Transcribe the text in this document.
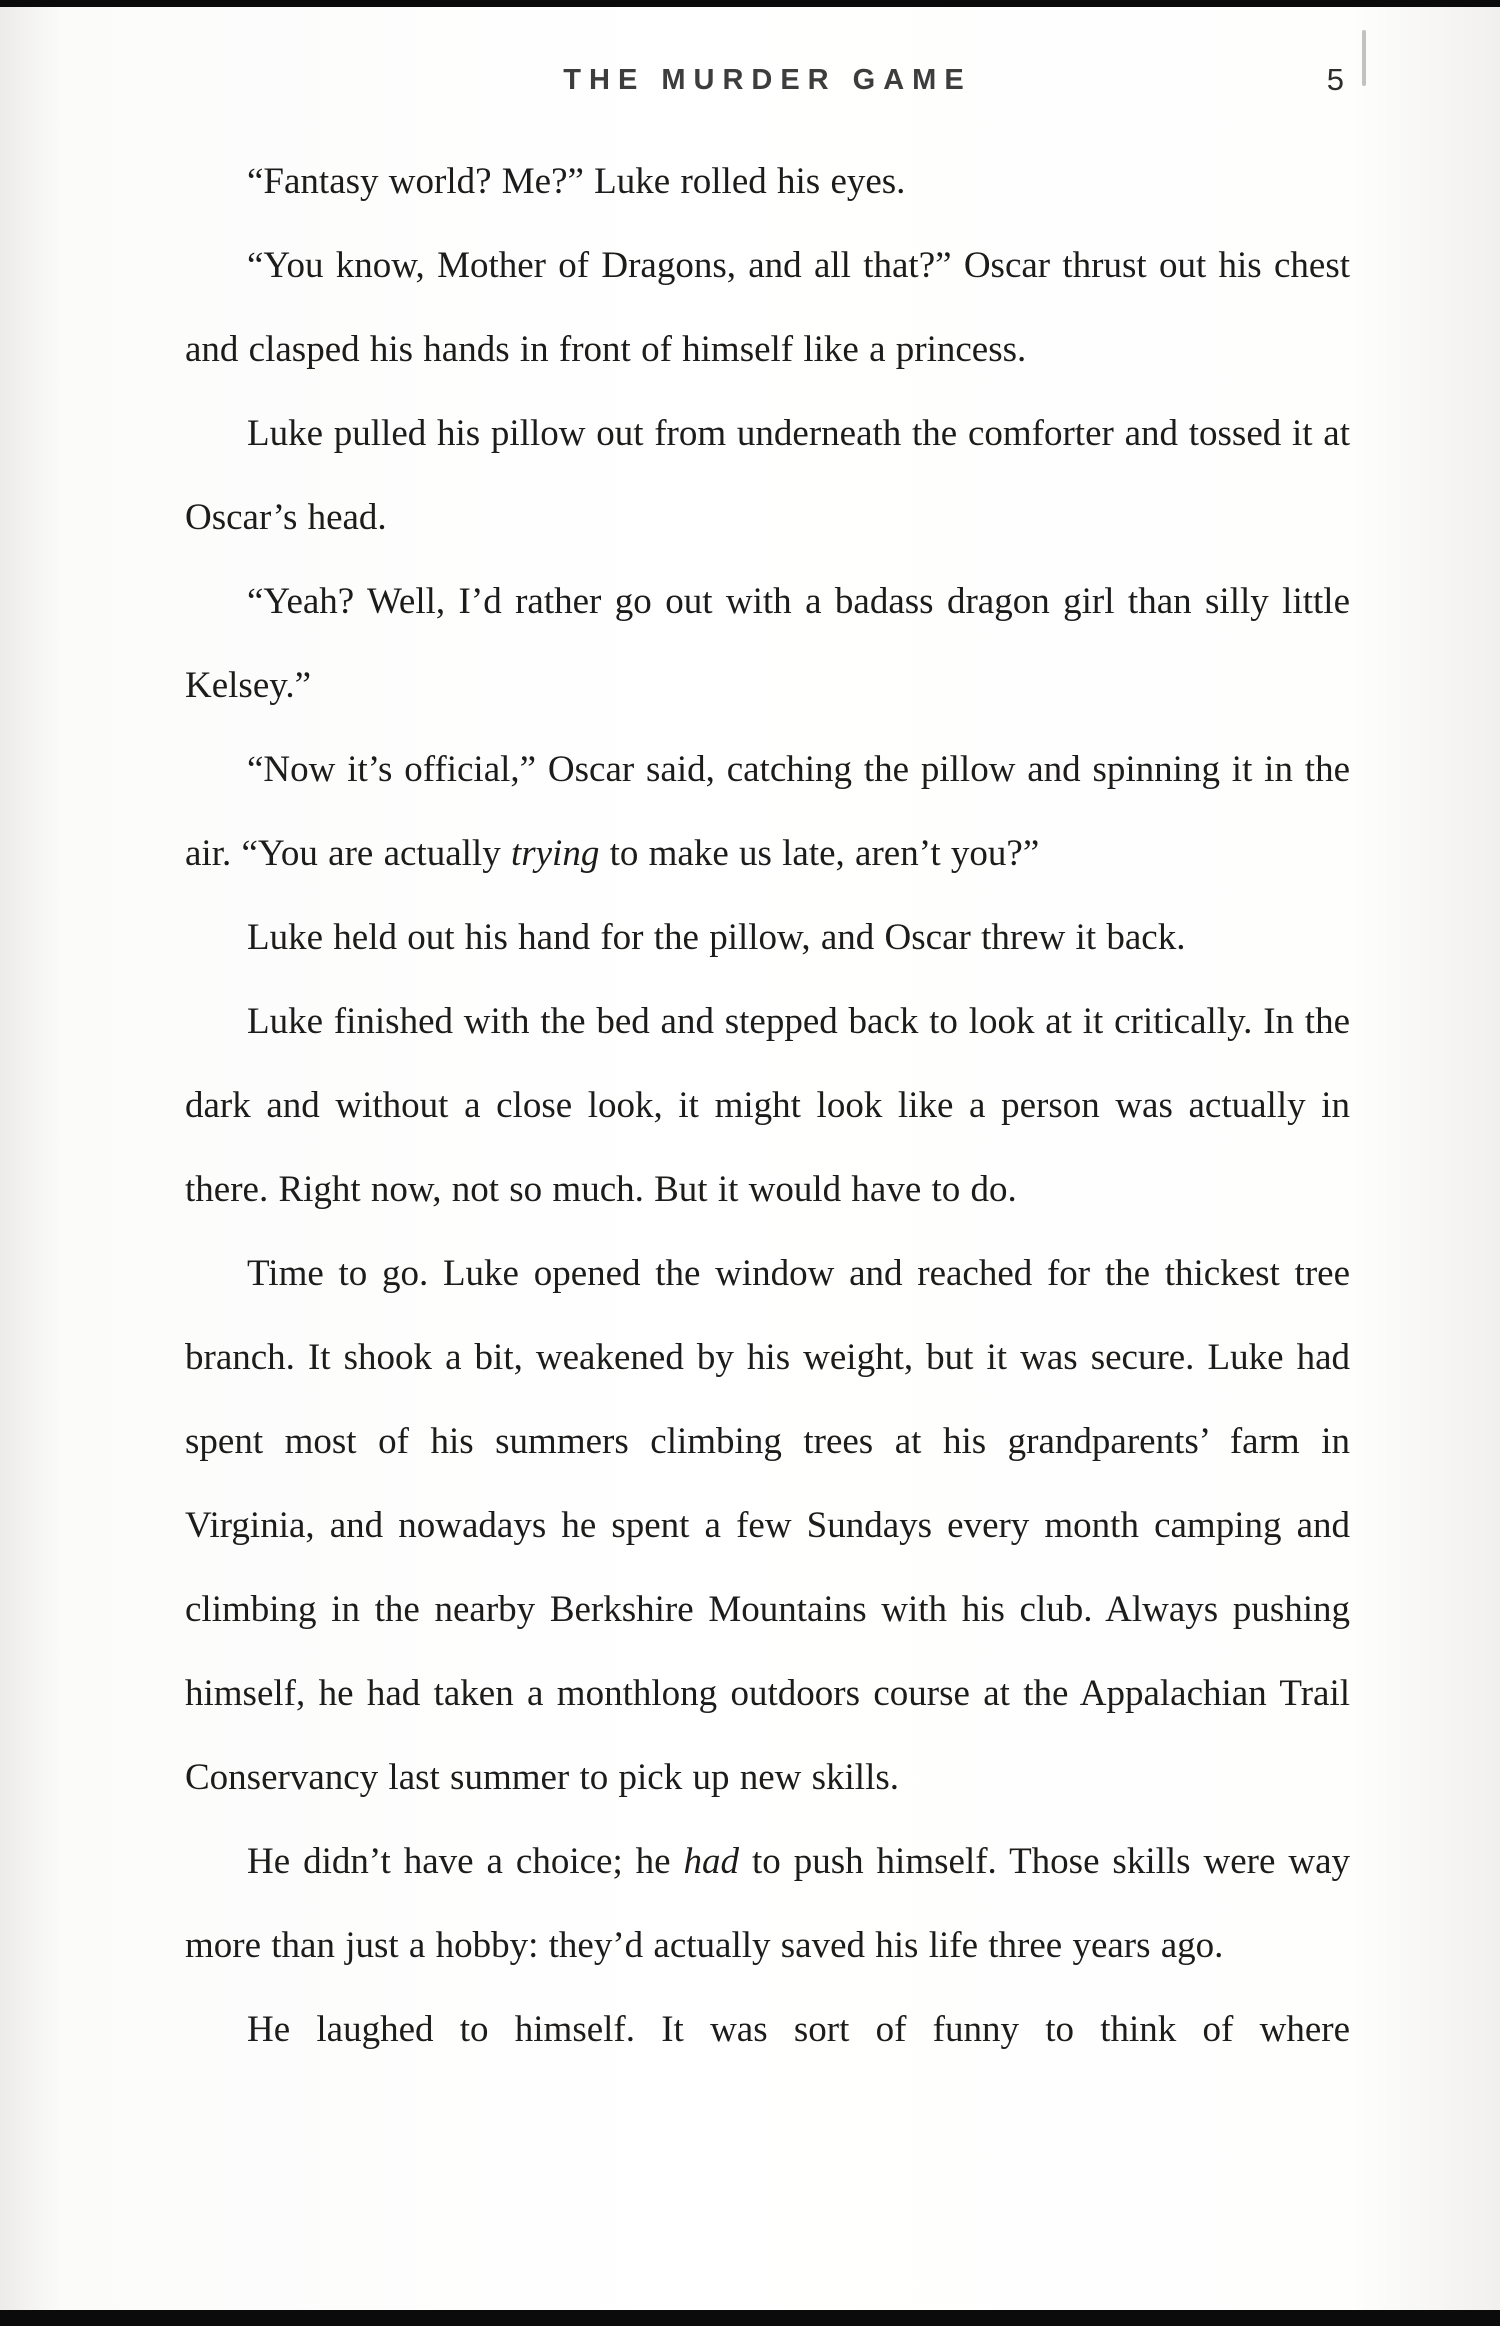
THE MURDER GAME	5

“Fantasy world? Me?” Luke rolled his eyes.

“You know, Mother of Dragons, and all that?” Oscar thrust out his chest and clasped his hands in front of himself like a princess.

Luke pulled his pillow out from underneath the comforter and tossed it at Oscar’s head.

“Yeah? Well, I’d rather go out with a badass dragon girl than silly little Kelsey.”

“Now it’s official,” Oscar said, catching the pillow and spinning it in the air. “You are actually trying to make us late, aren’t you?”

Luke held out his hand for the pillow, and Oscar threw it back.

Luke finished with the bed and stepped back to look at it critically. In the dark and without a close look, it might look like a person was actually in there. Right now, not so much. But it would have to do.

Time to go. Luke opened the window and reached for the thickest tree branch. It shook a bit, weakened by his weight, but it was secure. Luke had spent most of his summers climbing trees at his grandparents’ farm in Virginia, and nowadays he spent a few Sundays every month camping and climbing in the nearby Berkshire Mountains with his club. Always pushing himself, he had taken a monthlong outdoors course at the Appalachian Trail Conservancy last summer to pick up new skills.

He didn’t have a choice; he had to push himself. Those skills were way more than just a hobby: they’d actually saved his life three years ago.

He laughed to himself. It was sort of funny to think of where
